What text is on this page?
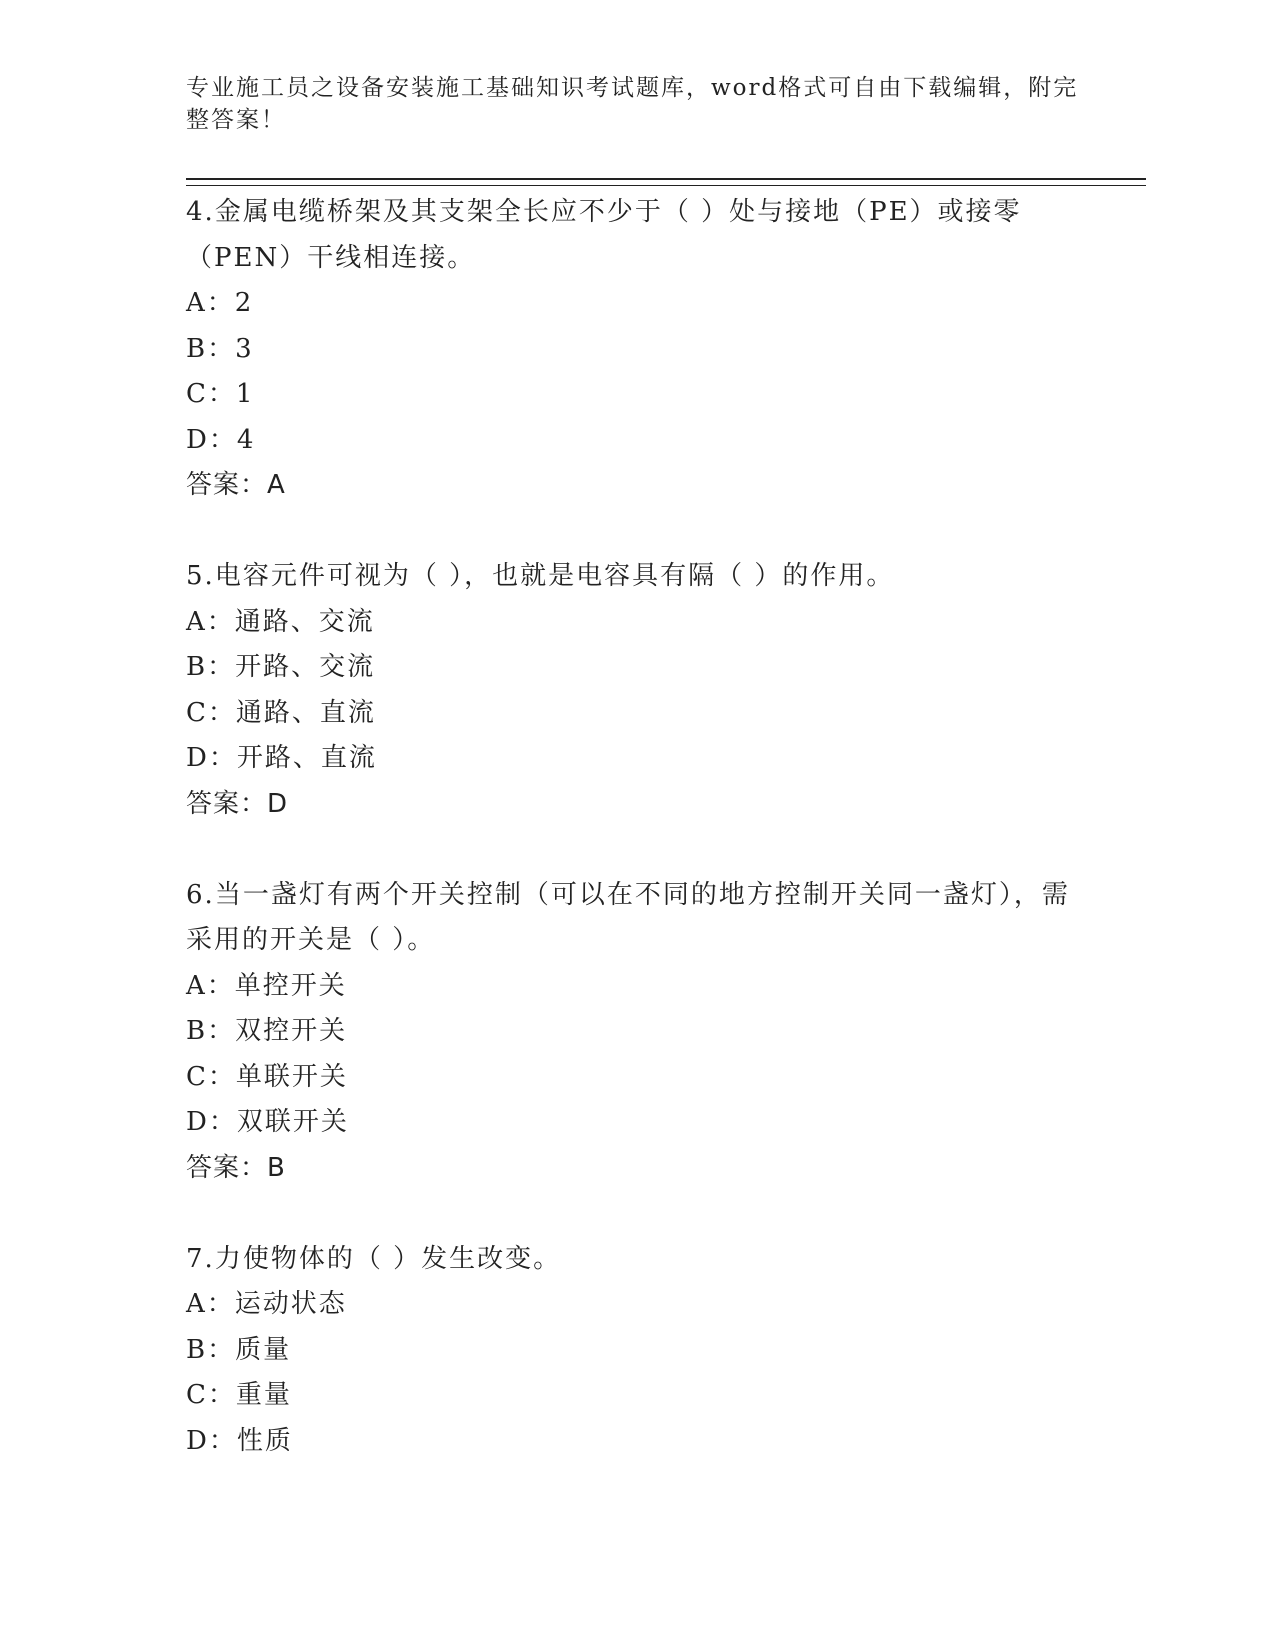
专业施工员之设备安装施工基础知识考试题库，word格式可自由下载编辑，附完整答案！
4.金属电缆桥架及其支架全长应不少于（ ）处与接地（PE）或接零（PEN）干线相连接。
A：2
B：3
C：1
D：4
答案：A
5.电容元件可视为（ ），也就是电容具有隔（ ）的作用。
A：通路、交流
B：开路、交流
C：通路、直流
D：开路、直流
答案：D
6.当一盏灯有两个开关控制（可以在不同的地方控制开关同一盏灯），需采用的开关是（ ）。
A：单控开关
B：双控开关
C：单联开关
D：双联开关
答案：B
7.力使物体的（ ）发生改变。
A：运动状态
B：质量
C：重量
D：性质
